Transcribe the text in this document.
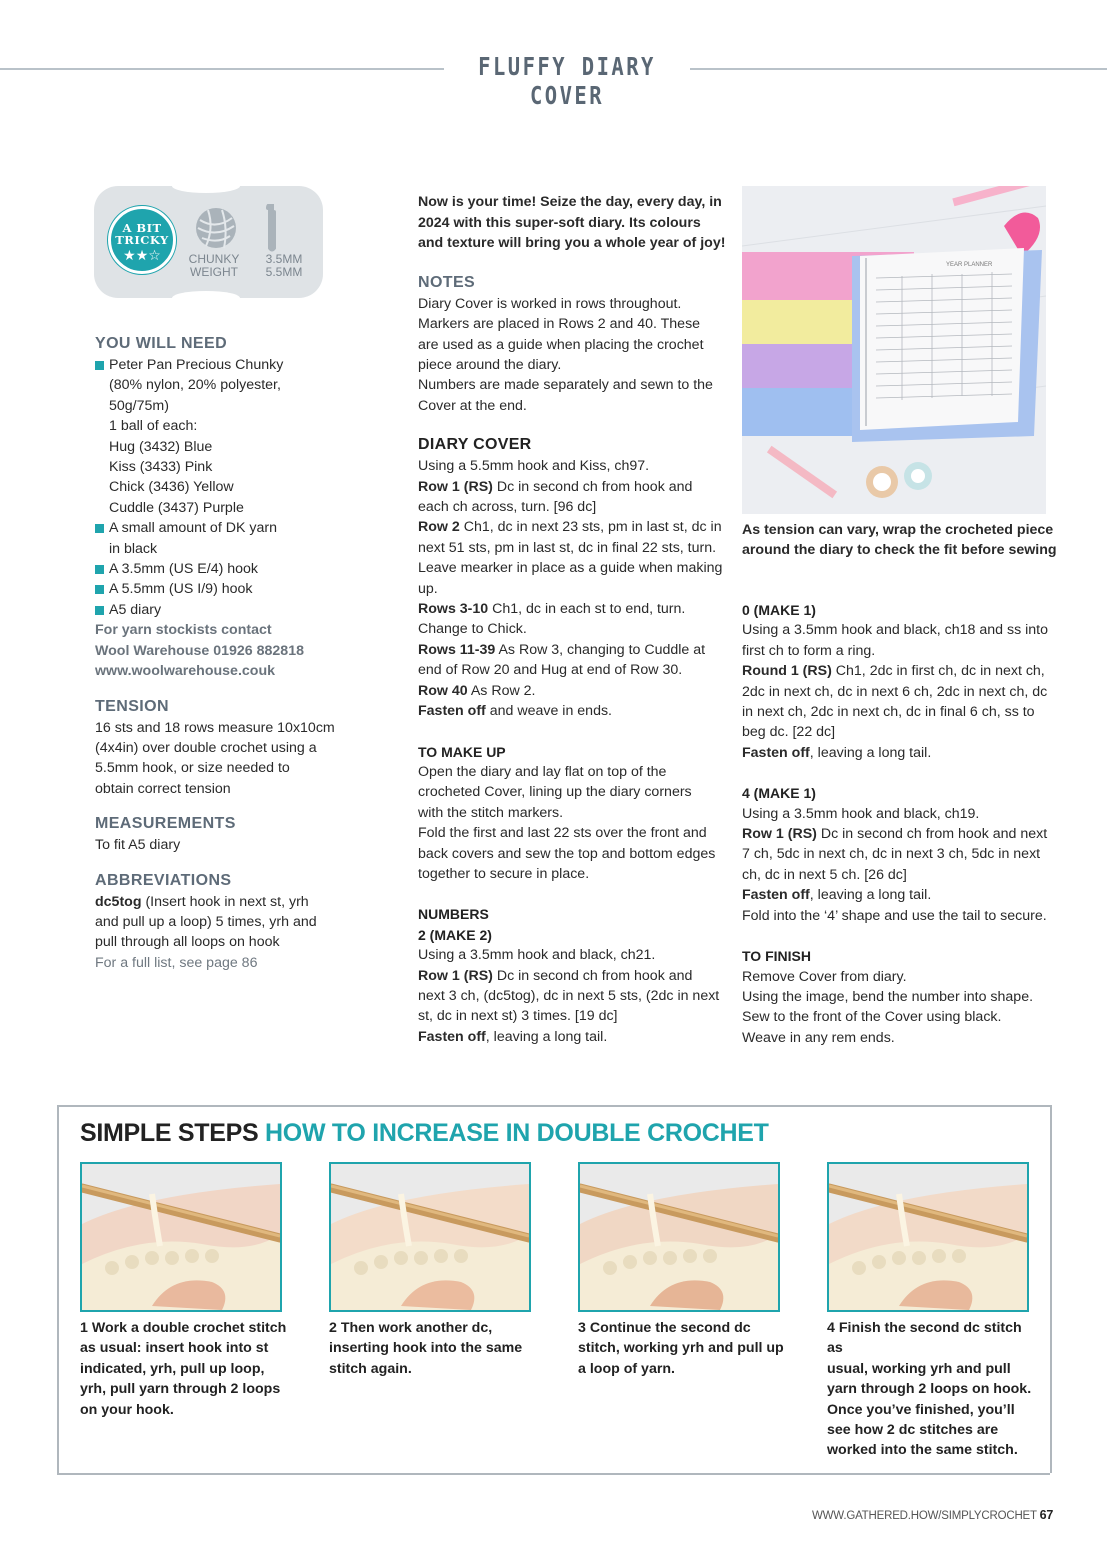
FLUFFY DIARY COVER
A BIT TRICKY
★★☆	CHUNKY
WEIGHT
3.5MM
5.5MM
YOU WILL NEED
Peter Pan Precious Chunky
(80% nylon, 20% polyester,
50g/75m)
1 ball of each:
Hug (3432) Blue
Kiss (3433) Pink
Chick (3436) Yellow
Cuddle (3437) Purple
A small amount of DK yarn
in black
A 3.5mm (US E/4) hook
A 5.5mm (US I/9) hook
A5 diary
For yarn stockists contact
Wool Warehouse 01926 882818
www.woolwarehouse.couk
TENSION
16 sts and 18 rows measure 10x10cm
(4x4in) over double crochet using a
5.5mm hook, or size needed to
obtain correct tension
MEASUREMENTS
To fit A5 diary
ABBREVIATIONS
dc5tog (Insert hook in next st, yrh
and pull up a loop) 5 times, yrh and
pull through all loops on hook
For a full list, see page 86
Now is your time! Seize the day, every day, in
2024 with this super-soft diary. Its colours
and texture will bring you a whole year of joy!
NOTES
Diary Cover is worked in rows throughout.
Markers are placed in Rows 2 and 40. These
are used as a guide when placing the crochet
piece around the diary.
Numbers are made separately and sewn to the
Cover at the end.
DIARY COVER
Using a 5.5mm hook and Kiss, ch97.
Row 1 (RS) Dc in second ch from hook and
each ch across, turn. [96 dc]
Row 2 Ch1, dc in next 23 sts, pm in last st, dc in
next 51 sts, pm in last st, dc in final 22 sts, turn.
Leave mearker in place as a guide when making
up.
Rows 3-10 Ch1, dc in each st to end, turn.
Change to Chick.
Rows 11-39 As Row 3, changing to Cuddle at
end of Row 20 and Hug at end of Row 30.
Row 40 As Row 2.
Fasten off and weave in ends.
TO MAKE UP
Open the diary and lay flat on top of the
crocheted Cover, lining up the diary corners
with the stitch markers.
Fold the first and last 22 sts over the front and
back covers and sew the top and bottom edges
together to secure in place.
NUMBERS
2 (MAKE 2)
Using a 3.5mm hook and black, ch21.
Row 1 (RS) Dc in second ch from hook and
next 3 ch, (dc5tog), dc in next 5 sts, (2dc in next
st, dc in next st) 3 times. [19 dc]
Fasten off, leaving a long tail.
YEAR PLANNER
As tension can vary, wrap the crocheted piece
around the diary to check the fit before sewing
0 (MAKE 1)
Using a 3.5mm hook and black, ch18 and ss into
first ch to form a ring.
Round 1 (RS) Ch1, 2dc in first ch, dc in next ch,
2dc in next ch, dc in next 6 ch, 2dc in next ch, dc
in next ch, 2dc in next ch, dc in final 6 ch, ss to
beg dc. [22 dc]
Fasten off, leaving a long tail.
4 (MAKE 1)
Using a 3.5mm hook and black, ch19.
Row 1 (RS) Dc in second ch from hook and next
7 ch, 5dc in next ch, dc in next 3 ch, 5dc in next
ch, dc in next 5 ch. [26 dc]
Fasten off, leaving a long tail.
Fold into the ‘4’ shape and use the tail to secure.
TO FINISH
Remove Cover from diary.
Using the image, bend the number into shape.
Sew to the front of the Cover using black.
Weave in any rem ends.
SIMPLE STEPS HOW TO INCREASE IN DOUBLE CROCHET
1 Work a double crochet stitch
as usual: insert hook into st
indicated, yrh, pull up loop,
yrh, pull yarn through 2 loops
on your hook.
2 Then work another dc,
inserting hook into the same
stitch again.
3 Continue the second dc
stitch, working yrh and pull up
a loop of yarn.
4 Finish the second dc stitch as
usual, working yrh and pull
yarn through 2 loops on hook.
Once you’ve finished, you’ll
see how 2 dc stitches are
worked into the same stitch.
WWW.GATHERED.HOW/SIMPLYCROCHET 67
